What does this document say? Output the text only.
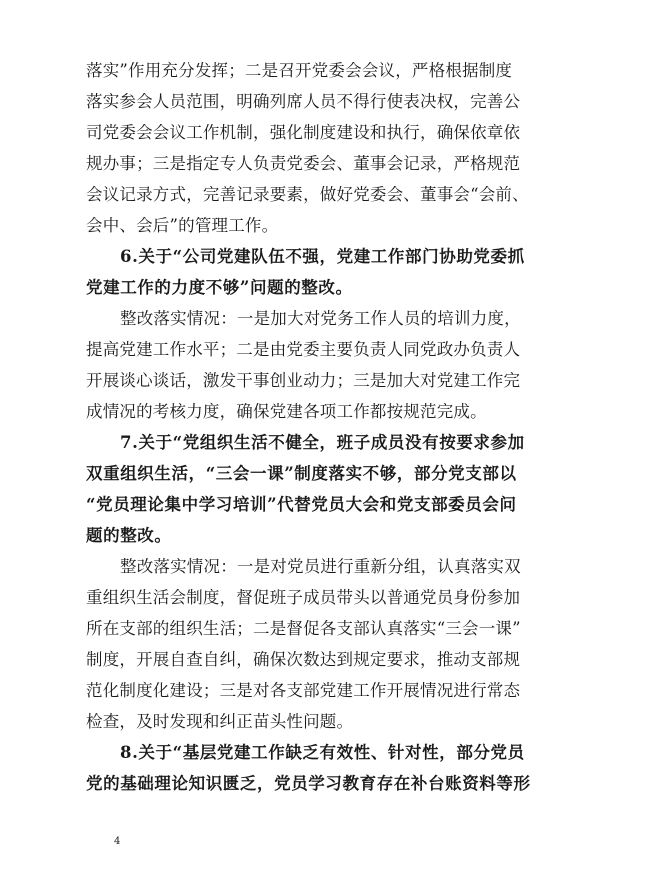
落实”作用充分发挥；二是召开党委会会议，严格根据制度
落实参会人员范围，明确列席人员不得行使表决权，完善公
司党委会会议工作机制，强化制度建设和执行，确保依章依
规办事；三是指定专人负责党委会、董事会记录，严格规范
会议记录方式，完善记录要素，做好党委会、董事会“会前、
会中、会后”的管理工作。
6.关于“公司党建队伍不强，党建工作部门协助党委抓
党建工作的力度不够”问题的整改。
整改落实情况：一是加大对党务工作人员的培训力度，
提高党建工作水平；二是由党委主要负责人同党政办负责人
开展谈心谈话，激发干事创业动力；三是加大对党建工作完
成情况的考核力度，确保党建各项工作都按规范完成。
7.关于“党组织生活不健全，班子成员没有按要求参加
双重组织生活，“三会一课”制度落实不够，部分党支部以
“党员理论集中学习培训”代替党员大会和党支部委员会问
题的整改。
整改落实情况：一是对党员进行重新分组，认真落实双
重组织生活会制度，督促班子成员带头以普通党员身份参加
所在支部的组织生活；二是督促各支部认真落实“三会一课”
制度，开展自查自纠，确保次数达到规定要求，推动支部规
范化制度化建设；三是对各支部党建工作开展情况进行常态
检查，及时发现和纠正苗头性问题。
8.关于“基层党建工作缺乏有效性、针对性，部分党员
党的基础理论知识匮乏，党员学习教育存在补台账资料等形
4
